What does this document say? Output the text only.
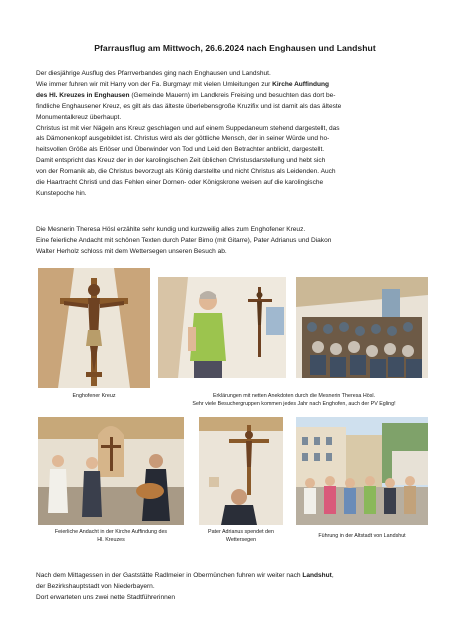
Pfarrausflug am Mittwoch, 26.6.2024 nach Enghausen und Landshut
Der diesjährige Ausflug des Pfarrverbandes ging nach Enghausen und Landshut.
Wie immer fuhren wir mit Harry von der Fa. Burgmayr mit vielen Umleitungen zur Kirche Auffindung
des Hl. Kreuzes in Enghausen (Gemeinde Mauern) im Landkreis Freising und besuchten das dort be-
findliche Enghausener Kreuz, es gilt als das älteste überlebensgroße Kruzifix und ist damit als das älteste
Monumentalkreuz überhaupt.
Christus ist mit vier Nägeln ans Kreuz geschlagen und auf einem Suppedaneum stehend dargestellt, das
als Dämonenkopf ausgebildet ist. Christus wird als der göttliche Mensch, der in seiner Würde und ho-
heitsvollen Größe als Erlöser und Überwinder von Tod und Leid den Betrachter anblickt, dargestellt.
Damit entspricht das Kreuz der in der karolingischen Zeit üblichen Christusdarstellung und hebt sich
von der Romanik ab, die Christus bevorzugt als König darstellte und nicht Christus als Leidenden. Auch
die Haartracht Christi und das Fehlen einer Dornen- oder Königskrone weisen auf die karolingische
Kunstepoche hin.
Die Mesnerin Theresa Hösl erzählte sehr kundig und kurzweilig alles zum Enghofener Kreuz.
Eine feierliche Andacht mit schönen Texten durch Pater Bimo (mit Gitarre), Pater Adrianus und Diakon
Walter Herholz schloss mit dem Wettersegen unseren Besuch ab.
Enghofener Kreuz	Erklärungen mit netten Anekdoten durch die Mesnerin Theresa Hösl.
Sehr viele Besuchergruppen kommen jedes Jahr nach Enghofen, auch der PV Egling!
Feierliche Andacht in der Kirche Auffindung des
Hl. Kreuzes
Pater Adrianus spendet den
Wettersegen
Führung in der Altstadt von Landshut
Nach dem Mittagessen in der Gaststätte Radlmeier in Obermünchen fuhren wir weiter nach Landshut,
der Bezirkshauptstadt von Niederbayern.
Dort erwarteten uns zwei nette Stadtführerinnen
